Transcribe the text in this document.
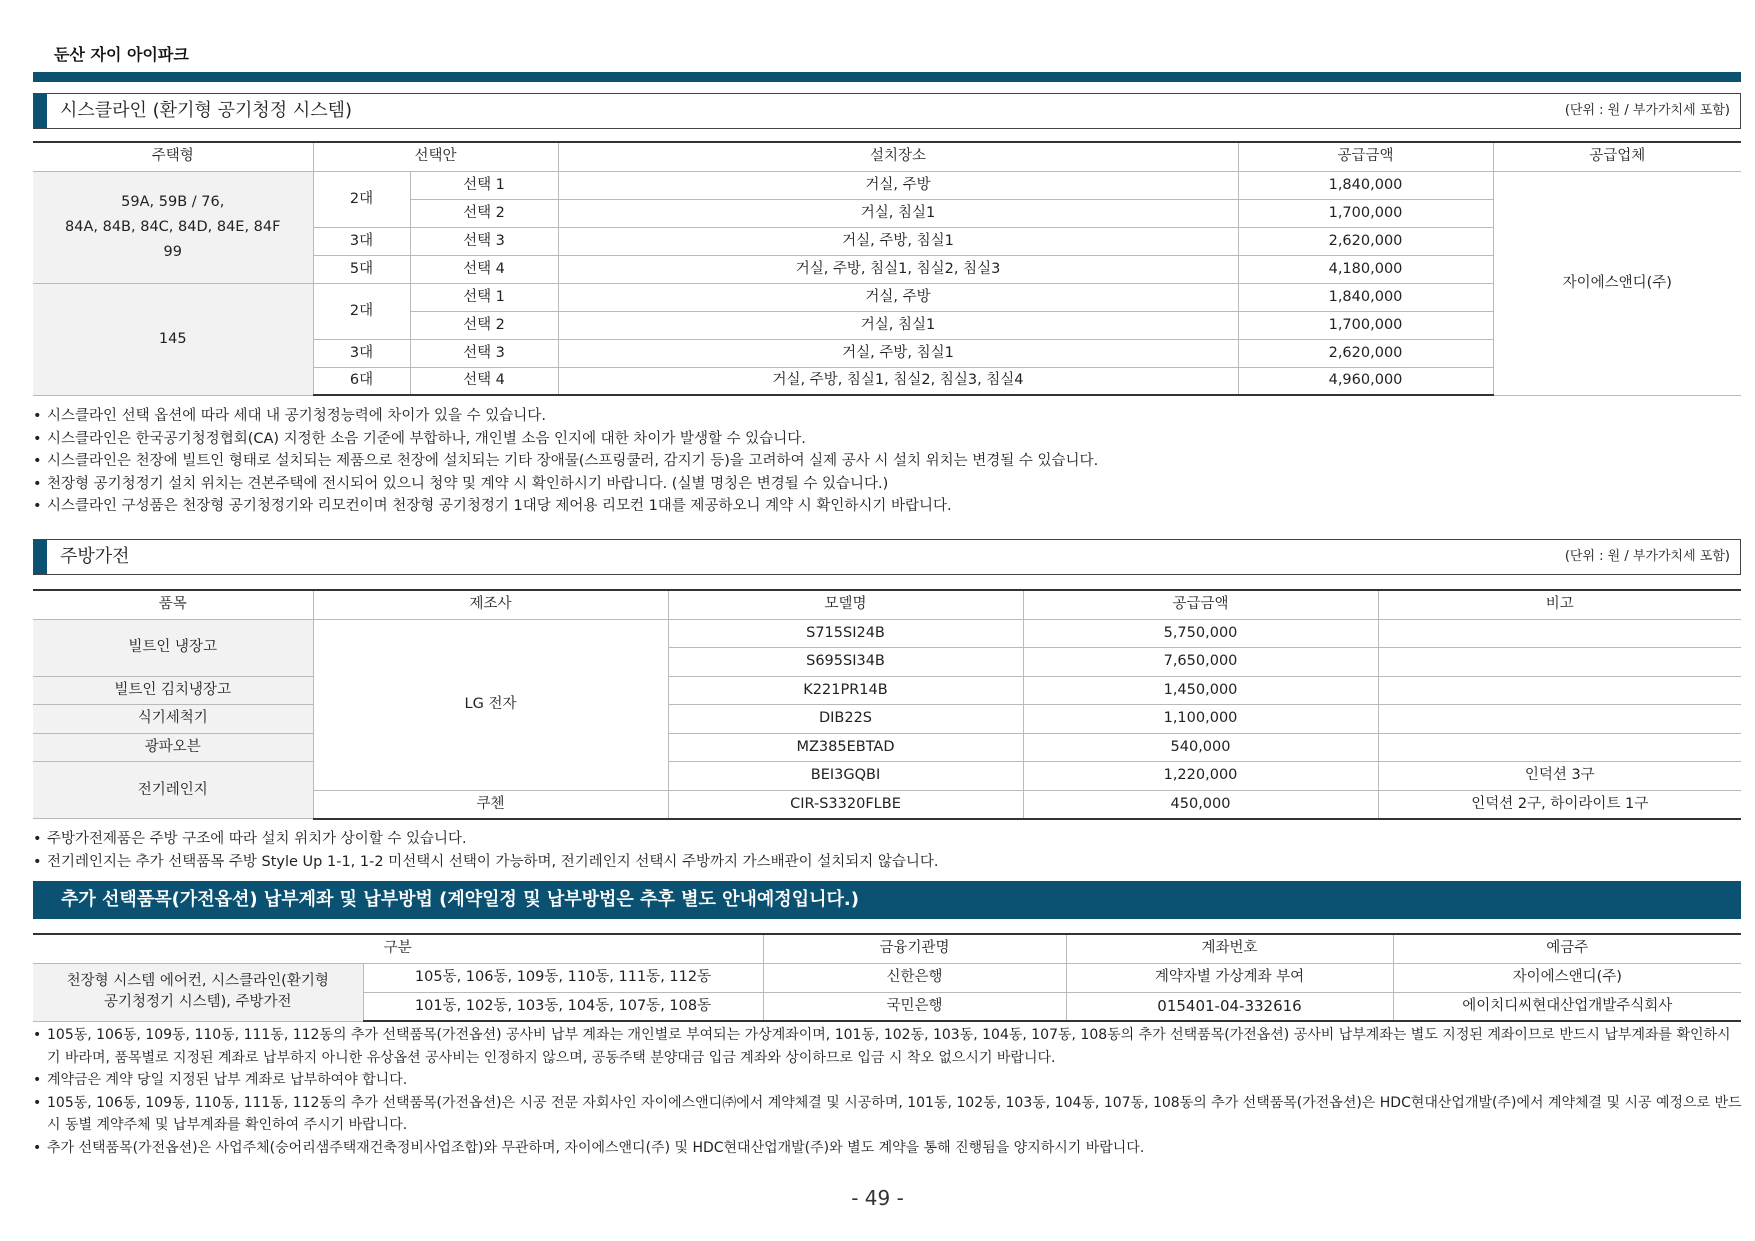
둔산 자이 아이파크
시스클라인 (환기형 공기청정 시스템)	(단위 : 원 / 부가가치세 포함)
주택형	선택안		설치장소	공급금액	공급업체
59A, 59B / 76,
84A, 84B, 84C, 84D, 84E, 84F
99	2대	선택 1	거실, 주방	1,840,000	자이에스앤디(주)
		선택 2	거실, 침실1	1,700,000	
	3대	선택 3	거실, 주방, 침실1	2,620,000	
	5대	선택 4	거실, 주방, 침실1, 침실2, 침실3	4,180,000	
145	2대	선택 1	거실, 주방	1,840,000	
		선택 2	거실, 침실1	1,700,000	
	3대	선택 3	거실, 주방, 침실1	2,620,000	
	6대	선택 4	거실, 주방, 침실1, 침실2, 침실3, 침실4	4,960,000	
• 시스클라인 선택 옵션에 따라 세대 내 공기청정능력에 차이가 있을 수 있습니다.
• 시스클라인은 한국공기청정협회(CA) 지정한 소음 기준에 부합하나, 개인별 소음 인지에 대한 차이가 발생할 수 있습니다.
• 시스클라인은 천장에 빌트인 형태로 설치되는 제품으로 천장에 설치되는 기타 장애물(스프링쿨러, 감지기 등)을 고려하여 실제 공사 시 설치 위치는 변경될 수 있습니다.
• 천장형 공기청정기 설치 위치는 견본주택에 전시되어 있으니 청약 및 계약 시 확인하시기 바랍니다. (실별 명칭은 변경될 수 있습니다.)
• 시스클라인 구성품은 천장형 공기청정기와 리모컨이며 천장형 공기청정기 1대당 제어용 리모컨 1대를 제공하오니 계약 시 확인하시기 바랍니다.
주방가전	(단위 : 원 / 부가가치세 포함)
품목	제조사	모델명	공급금액	비고
빌트인 냉장고	LG 전자	S715SI24B	5,750,000	
		S695SI34B	7,650,000	
빌트인 김치냉장고		K221PR14B	1,450,000	
식기세척기		DIB22S	1,100,000	
광파오븐		MZ385EBTAD	540,000	
전기레인지		BEI3GQBI	1,220,000	인덕션 3구
	쿠첸	CIR-S3320FLBE	450,000	인덕션 2구, 하이라이트 1구
• 주방가전제품은 주방 구조에 따라 설치 위치가 상이할 수 있습니다.
• 전기레인지는 추가 선택품목 주방 Style Up 1-1, 1-2 미선택시 선택이 가능하며, 전기레인지 선택시 주방까지 가스배관이 설치되지 않습니다.
추가 선택품목(가전옵션) 납부계좌 및 납부방법 (계약일정 및 납부방법은 추후 별도 안내예정입니다.)
구분		금융기관명	계좌번호	예금주
천장형 시스템 에어컨, 시스클라인(환기형
공기청정기 시스템), 주방가전	105동, 106동, 109동, 110동, 111동, 112동	신한은행	계약자별 가상계좌 부여	자이에스앤디(주)
	101동, 102동, 103동, 104동, 107동, 108동	국민은행	015401-04-332616	에이치디씨현대산업개발주식회사
• 105동, 106동, 109동, 110동, 111동, 112동의 추가 선택품목(가전옵션) 공사비 납부 계좌는 개인별로 부여되는 가상계좌이며, 101동, 102동, 103동, 104동, 107동, 108동의 추가 선택품목(가전옵션) 공사비 납부계좌는 별도 지정된 계좌이므로 반드시 납부계좌를 확인하시기 바라며, 품목별로 지정된 계좌로 납부하지 아니한 유상옵션 공사비는 인정하지 않으며, 공동주택 분양대금 입금 계좌와 상이하므로 입금 시 착오 없으시기 바랍니다.
• 계약금은 계약 당일 지정된 납부 계좌로 납부하여야 합니다.
• 105동, 106동, 109동, 110동, 111동, 112동의 추가 선택품목(가전옵션)은 시공 전문 자회사인 자이에스앤디㈜에서 계약체결 및 시공하며, 101동, 102동, 103동, 104동, 107동, 108동의 추가 선택품목(가전옵션)은 HDC현대산업개발(주)에서 계약체결 및 시공 예정으로 반드시 동별 계약주체 및 납부계좌를 확인하여 주시기 바랍니다.
• 추가 선택품목(가전옵션)은 사업주체(숭어리샘주택재건축정비사업조합)와 무관하며, 자이에스앤디(주) 및 HDC현대산업개발(주)와 별도 계약을 통해 진행됨을 양지하시기 바랍니다.
- 49 -
